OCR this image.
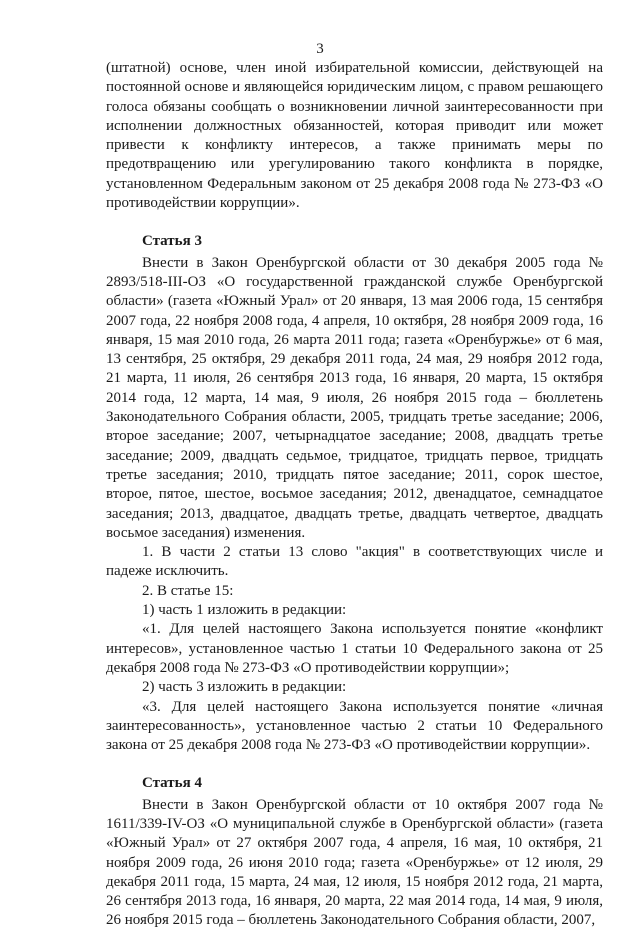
3

(штатной) основе, член иной избирательной комиссии, действующей на постоянной основе и являющейся юридическим лицом, с правом решающего голоса обязаны сообщать о возникновении личной заинтересованности при исполнении должностных обязанностей, которая приводит или может привести к конфликту интересов, а также принимать меры по предотвращению или урегулированию такого конфликта в порядке, установленном Федеральным законом от 25 декабря 2008 года № 273-ФЗ «О противодействии коррупции».

Статья 3

Внести в Закон Оренбургской области от 30 декабря 2005 года № 2893/518-III-ОЗ «О государственной гражданской службе Оренбургской области» (газета «Южный Урал» от 20 января, 13 мая 2006 года, 15 сентября 2007 года, 22 ноября 2008 года, 4 апреля, 10 октября, 28 ноября 2009 года, 16 января, 15 мая 2010 года, 26 марта 2011 года; газета «Оренбуржье» от 6 мая, 13 сентября, 25 октября, 29 декабря 2011 года, 24 мая, 29 ноября 2012 года, 21 марта, 11 июля, 26 сентября 2013 года, 16 января, 20 марта, 15 октября 2014 года, 12 марта, 14 мая, 9 июля, 26 ноября 2015 года – бюллетень Законодательного Собрания области, 2005, тридцать третье заседание; 2006, второе заседание; 2007, четырнадцатое заседание; 2008, двадцать третье заседание; 2009, двадцать седьмое, тридцатое, тридцать первое, тридцать третье заседания; 2010, тридцать пятое заседание; 2011, сорок шестое, второе, пятое, шестое, восьмое заседания; 2012, двенадцатое, семнадцатое заседания; 2013, двадцатое, двадцать третье, двадцать четвертое, двадцать восьмое заседания) изменения.

1. В части 2 статьи 13 слово "акция" в соответствующих числе и падеже исключить.

2. В статье 15:

1) часть 1 изложить в редакции:

«1. Для целей настоящего Закона используется понятие «конфликт интересов», установленное частью 1 статьи 10 Федерального закона от 25 декабря 2008 года № 273-ФЗ «О противодействии коррупции»;

2) часть 3 изложить в редакции:

«3. Для целей настоящего Закона используется понятие «личная заинтересованность», установленное частью 2 статьи 10 Федерального закона от 25 декабря 2008 года № 273-ФЗ «О противодействии коррупции».

Статья 4

Внести в Закон Оренбургской области от 10 октября 2007 года № 1611/339-IV-ОЗ «О муниципальной службе в Оренбургской области» (газета «Южный Урал» от 27 октября 2007 года, 4 апреля, 16 мая, 10 октября, 21 ноября 2009 года, 26 июня 2010 года; газета «Оренбуржье» от 12 июля, 29 декабря 2011 года, 15 марта, 24 мая, 12 июля, 15 ноября 2012 года, 21 марта, 26 сентября 2013 года, 16 января, 20 марта, 22 мая 2014 года, 14 мая, 9 июля, 26 ноября 2015 года – бюллетень Законодательного Собрания области, 2007,
